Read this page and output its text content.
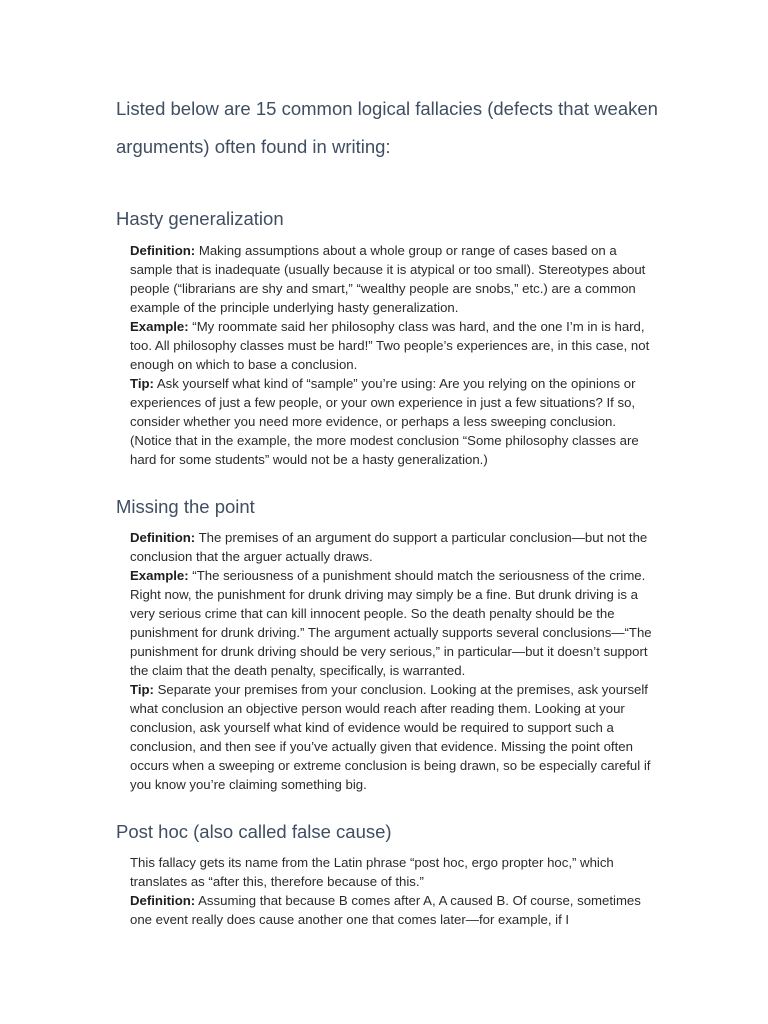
Listed below are 15 common logical fallacies (defects that weaken arguments) often found in writing:

Hasty generalization

Definition: Making assumptions about a whole group or range of cases based on a sample that is inadequate (usually because it is atypical or too small). Stereotypes about people (“librarians are shy and smart,” “wealthy people are snobs,” etc.) are a common example of the principle underlying hasty generalization.

Example: “My roommate said her philosophy class was hard, and the one I’m in is hard, too. All philosophy classes must be hard!” Two people’s experiences are, in this case, not enough on which to base a conclusion.

Tip: Ask yourself what kind of “sample” you’re using: Are you relying on the opinions or experiences of just a few people, or your own experience in just a few situations? If so, consider whether you need more evidence, or perhaps a less sweeping conclusion. (Notice that in the example, the more modest conclusion “Some philosophy classes are hard for some students” would not be a hasty generalization.)

Missing the point

Definition: The premises of an argument do support a particular conclusion—but not the conclusion that the arguer actually draws.

Example: “The seriousness of a punishment should match the seriousness of the crime. Right now, the punishment for drunk driving may simply be a fine. But drunk driving is a very serious crime that can kill innocent people. So the death penalty should be the punishment for drunk driving.” The argument actually supports several conclusions—“The punishment for drunk driving should be very serious,” in particular—but it doesn’t support the claim that the death penalty, specifically, is warranted.

Tip: Separate your premises from your conclusion. Looking at the premises, ask yourself what conclusion an objective person would reach after reading them. Looking at your conclusion, ask yourself what kind of evidence would be required to support such a conclusion, and then see if you’ve actually given that evidence. Missing the point often occurs when a sweeping or extreme conclusion is being drawn, so be especially careful if you know you’re claiming something big.

Post hoc (also called false cause)

This fallacy gets its name from the Latin phrase “post hoc, ergo propter hoc,” which translates as “after this, therefore because of this.”

Definition: Assuming that because B comes after A, A caused B. Of course, sometimes one event really does cause another one that comes later—for example, if I
